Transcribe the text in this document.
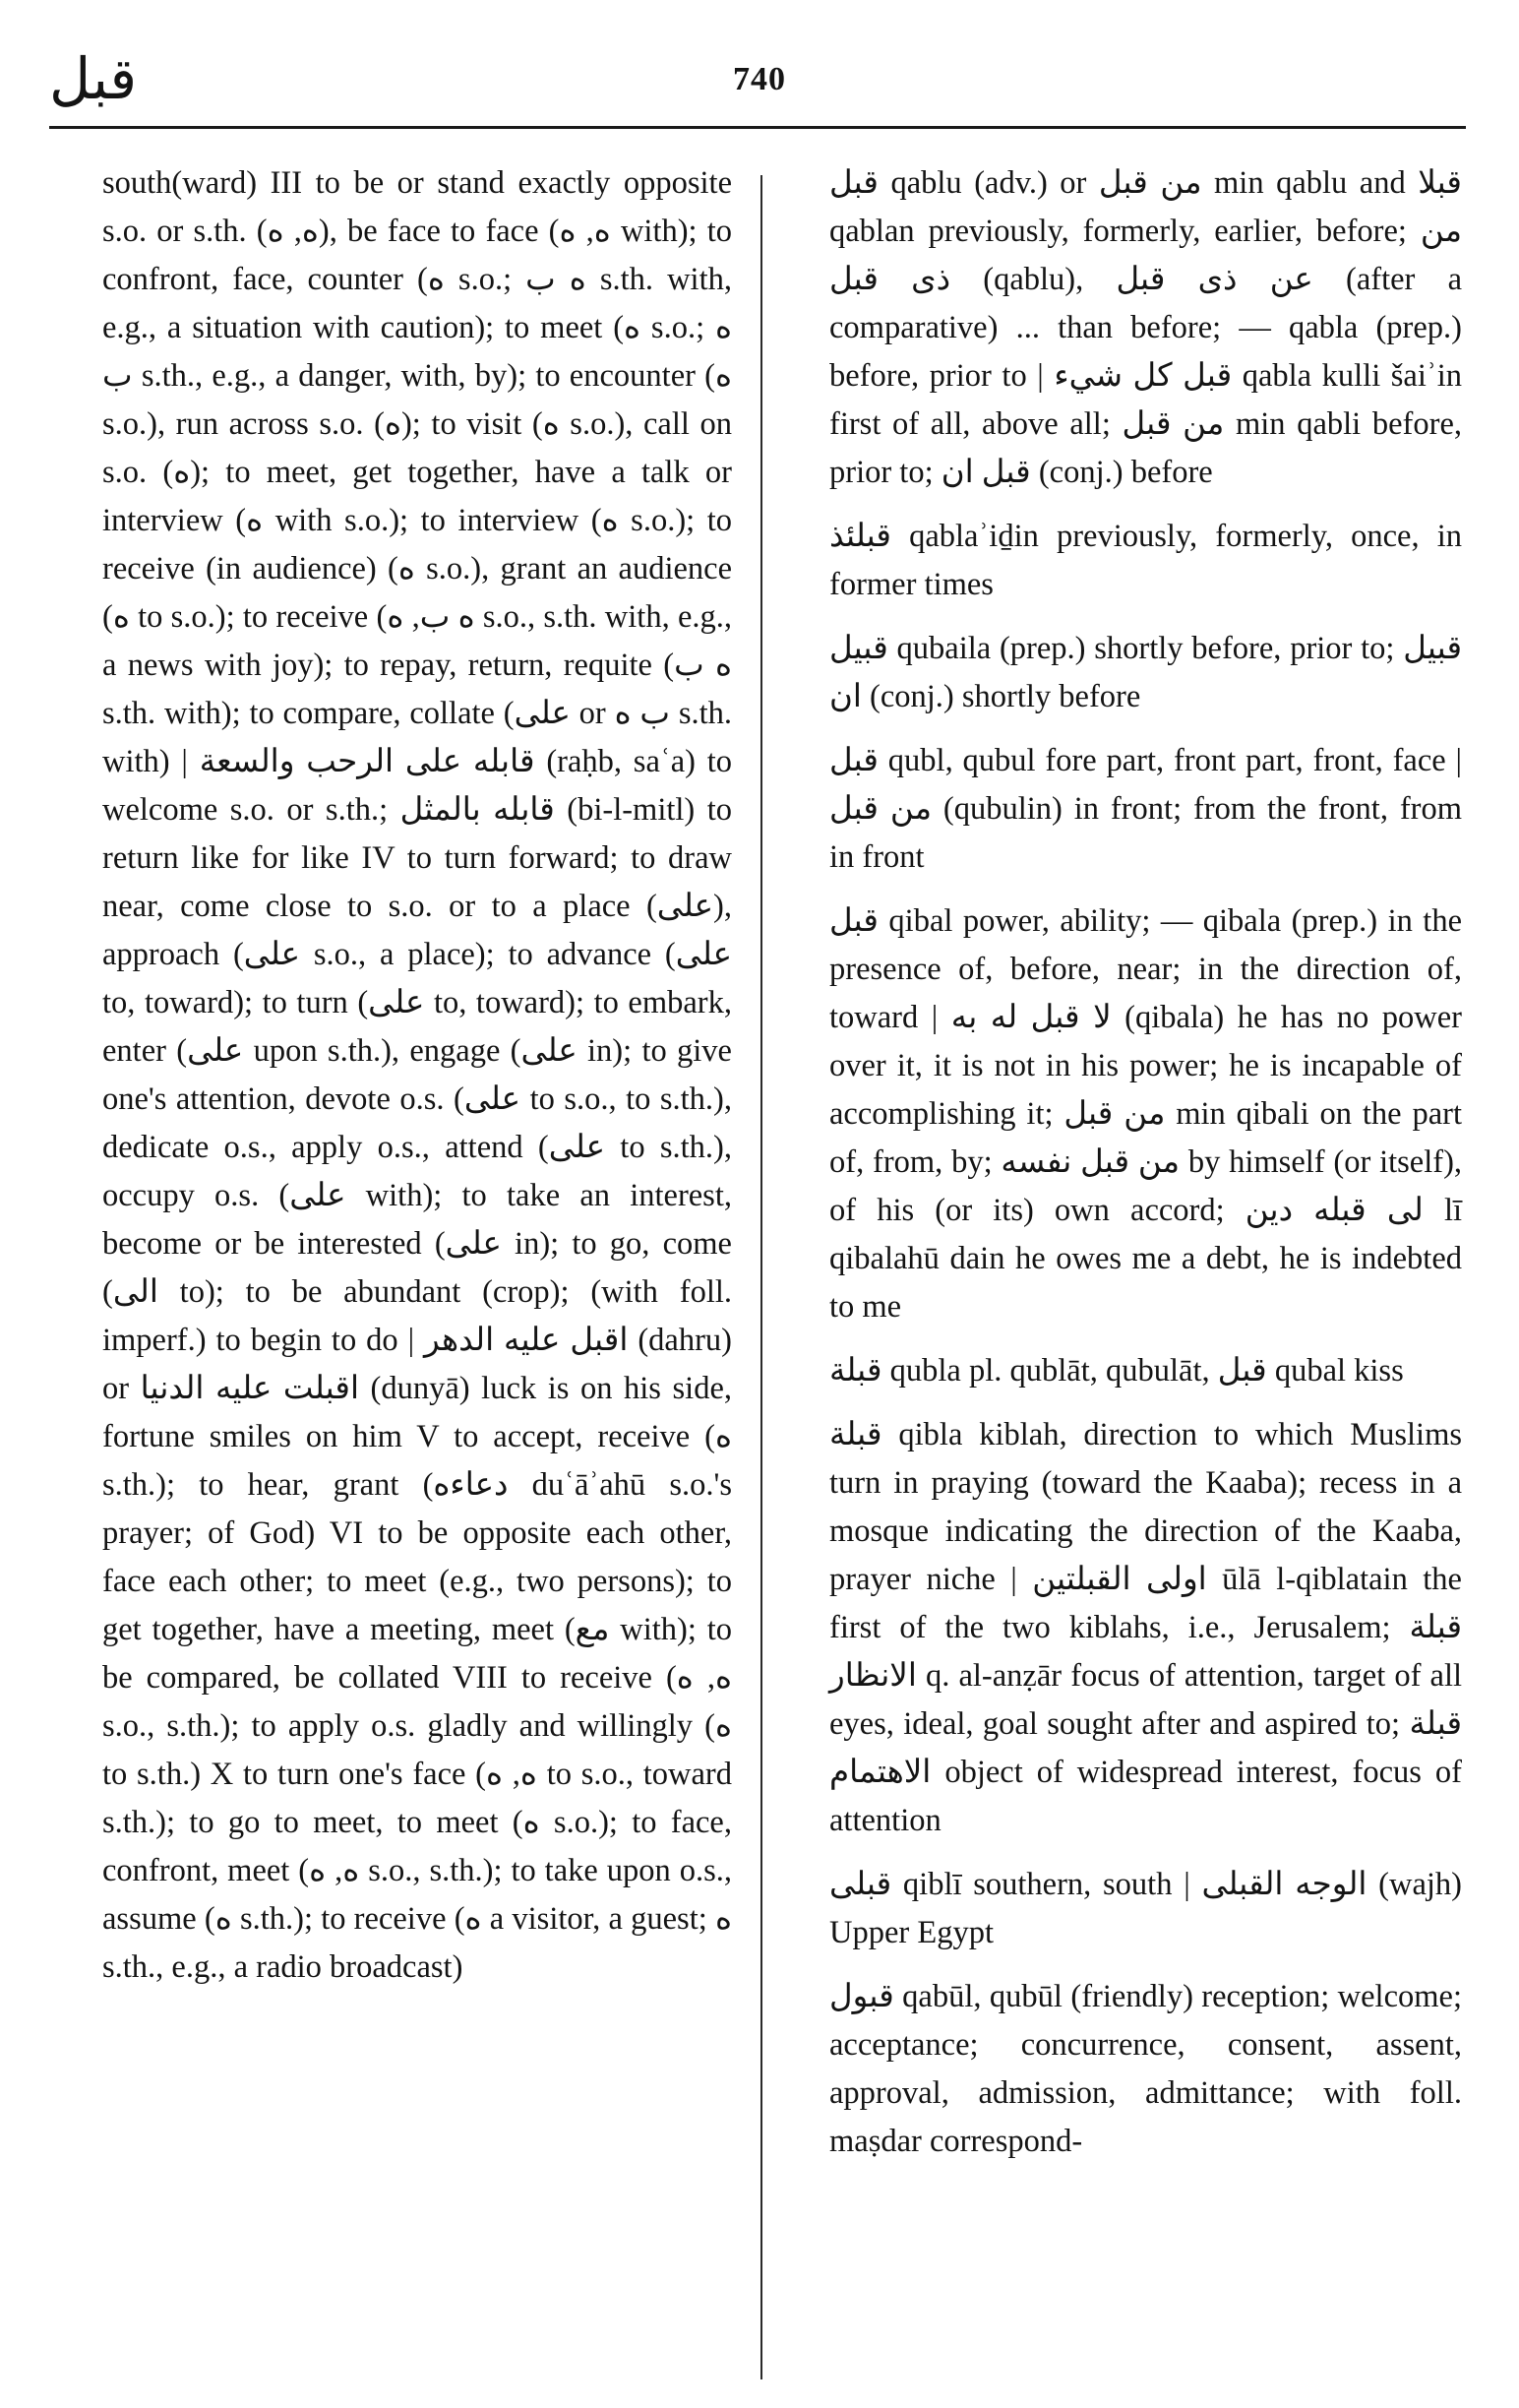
قبل	740

south(ward) III to be or stand exactly opposite s.o. or s.th. (ه, ه), be face to face (ه, ه with); to confront, face, counter (ه s.o.; ه ب s.th. with, e.g., a situation with caution); to meet (ه s.o.; ه ب s.th., e.g., a danger, with, by); to encounter (ه s.o.), run across s.o. (ه); to visit (ه s.o.), call on s.o. (ه); to meet, get together, have a talk or interview (ه with s.o.); to interview (ه s.o.); to receive (in audience) (ه s.o.), grant an audience (ه to s.o.); to receive (ه ب, ه s.o., s.th. with, e.g., a news with joy); to repay, return, requite (ه ب s.th. with); to compare, collate (على or ب ه s.th. with) | قابله على الرحب والسعة (raḥb, saʿa) to welcome s.o. or s.th.; قابله بالمثل (bi-l-mitl) to return like for like IV to turn forward; to draw near, come close to s.o. or to a place (على), approach (على s.o., a place); to advance (على to, toward); to turn (على to, toward); to embark, enter (على upon s.th.), engage (على in); to give one's attention, devote o.s. (على to s.o., to s.th.), dedicate o.s., apply o.s., attend (على to s.th.), occupy o.s. (على with); to take an interest, become or be interested (على in); to go, come (الى to); to be abundant (crop); (with foll. imperf.) to begin to do | اقبل عليه الدهر (dahru) or اقبلت عليه الدنيا (dunyā) luck is on his side, fortune smiles on him V to accept, receive (ه s.th.); to hear, grant (دعاءه duʿāʾahū s.o.'s prayer; of God) VI to be opposite each other, face each other; to meet (e.g., two persons); to get together, have a meeting, meet (مع with); to be compared, be collated VIII to receive (ه, ه s.o., s.th.); to apply o.s. gladly and willingly (ه to s.th.) X to turn one's face (ه, ه to s.o., toward s.th.); to go to meet, to meet (ه s.o.); to face, confront, meet (ه, ه s.o., s.th.); to take upon o.s., assume (ه s.th.); to receive (ه a visitor, a guest; ه s.th., e.g., a radio broadcast)

قبل qablu (adv.) or من قبل min qablu and قبلا qablan previously, formerly, earlier, before; من ذى قبل (qablu), عن ذى قبل (after a comparative) ... than before; — qabla (prep.) before, prior to | قبل كل شيء qabla kulli šaiʾin first of all, above all; من قبل min qabli before, prior to; قبل ان (conj.) before

قبلئذ qablaʾiḏin previously, formerly, once, in former times

قبيل qubaila (prep.) shortly before, prior to; قبيل ان (conj.) shortly before

قبل qubl, qubul fore part, front part, front, face | من قبل (qubulin) in front; from the front, from in front

قبل qibal power, ability; — qibala (prep.) in the presence of, before, near; in the direction of, toward | لا قبل له به (qibala) he has no power over it, it is not in his power; he is incapable of accomplishing it; من قبل min qibali on the part of, from, by; من قبل نفسه by himself (or itself), of his (or its) own accord; لى قبله دين lī qibalahū dain he owes me a debt, he is indebted to me

قبلة qubla pl. qublāt, qubulāt, قبل qubal kiss

قبلة qibla kiblah, direction to which Muslims turn in praying (toward the Kaaba); recess in a mosque indicating the direction of the Kaaba, prayer niche | اولى القبلتين ūlā l-qiblatain the first of the two kiblahs, i.e., Jerusalem; قبلة الانظار q. al-anẓār focus of attention, target of all eyes, ideal, goal sought after and aspired to; قبلة الاهتمام object of widespread interest, focus of attention

قبلى qiblī southern, south | الوجه القبلى (wajh) Upper Egypt

قبول qabūl, qubūl (friendly) reception; welcome; acceptance; concurrence, consent, assent, approval, admission, admittance; with foll. maṣdar correspond-
